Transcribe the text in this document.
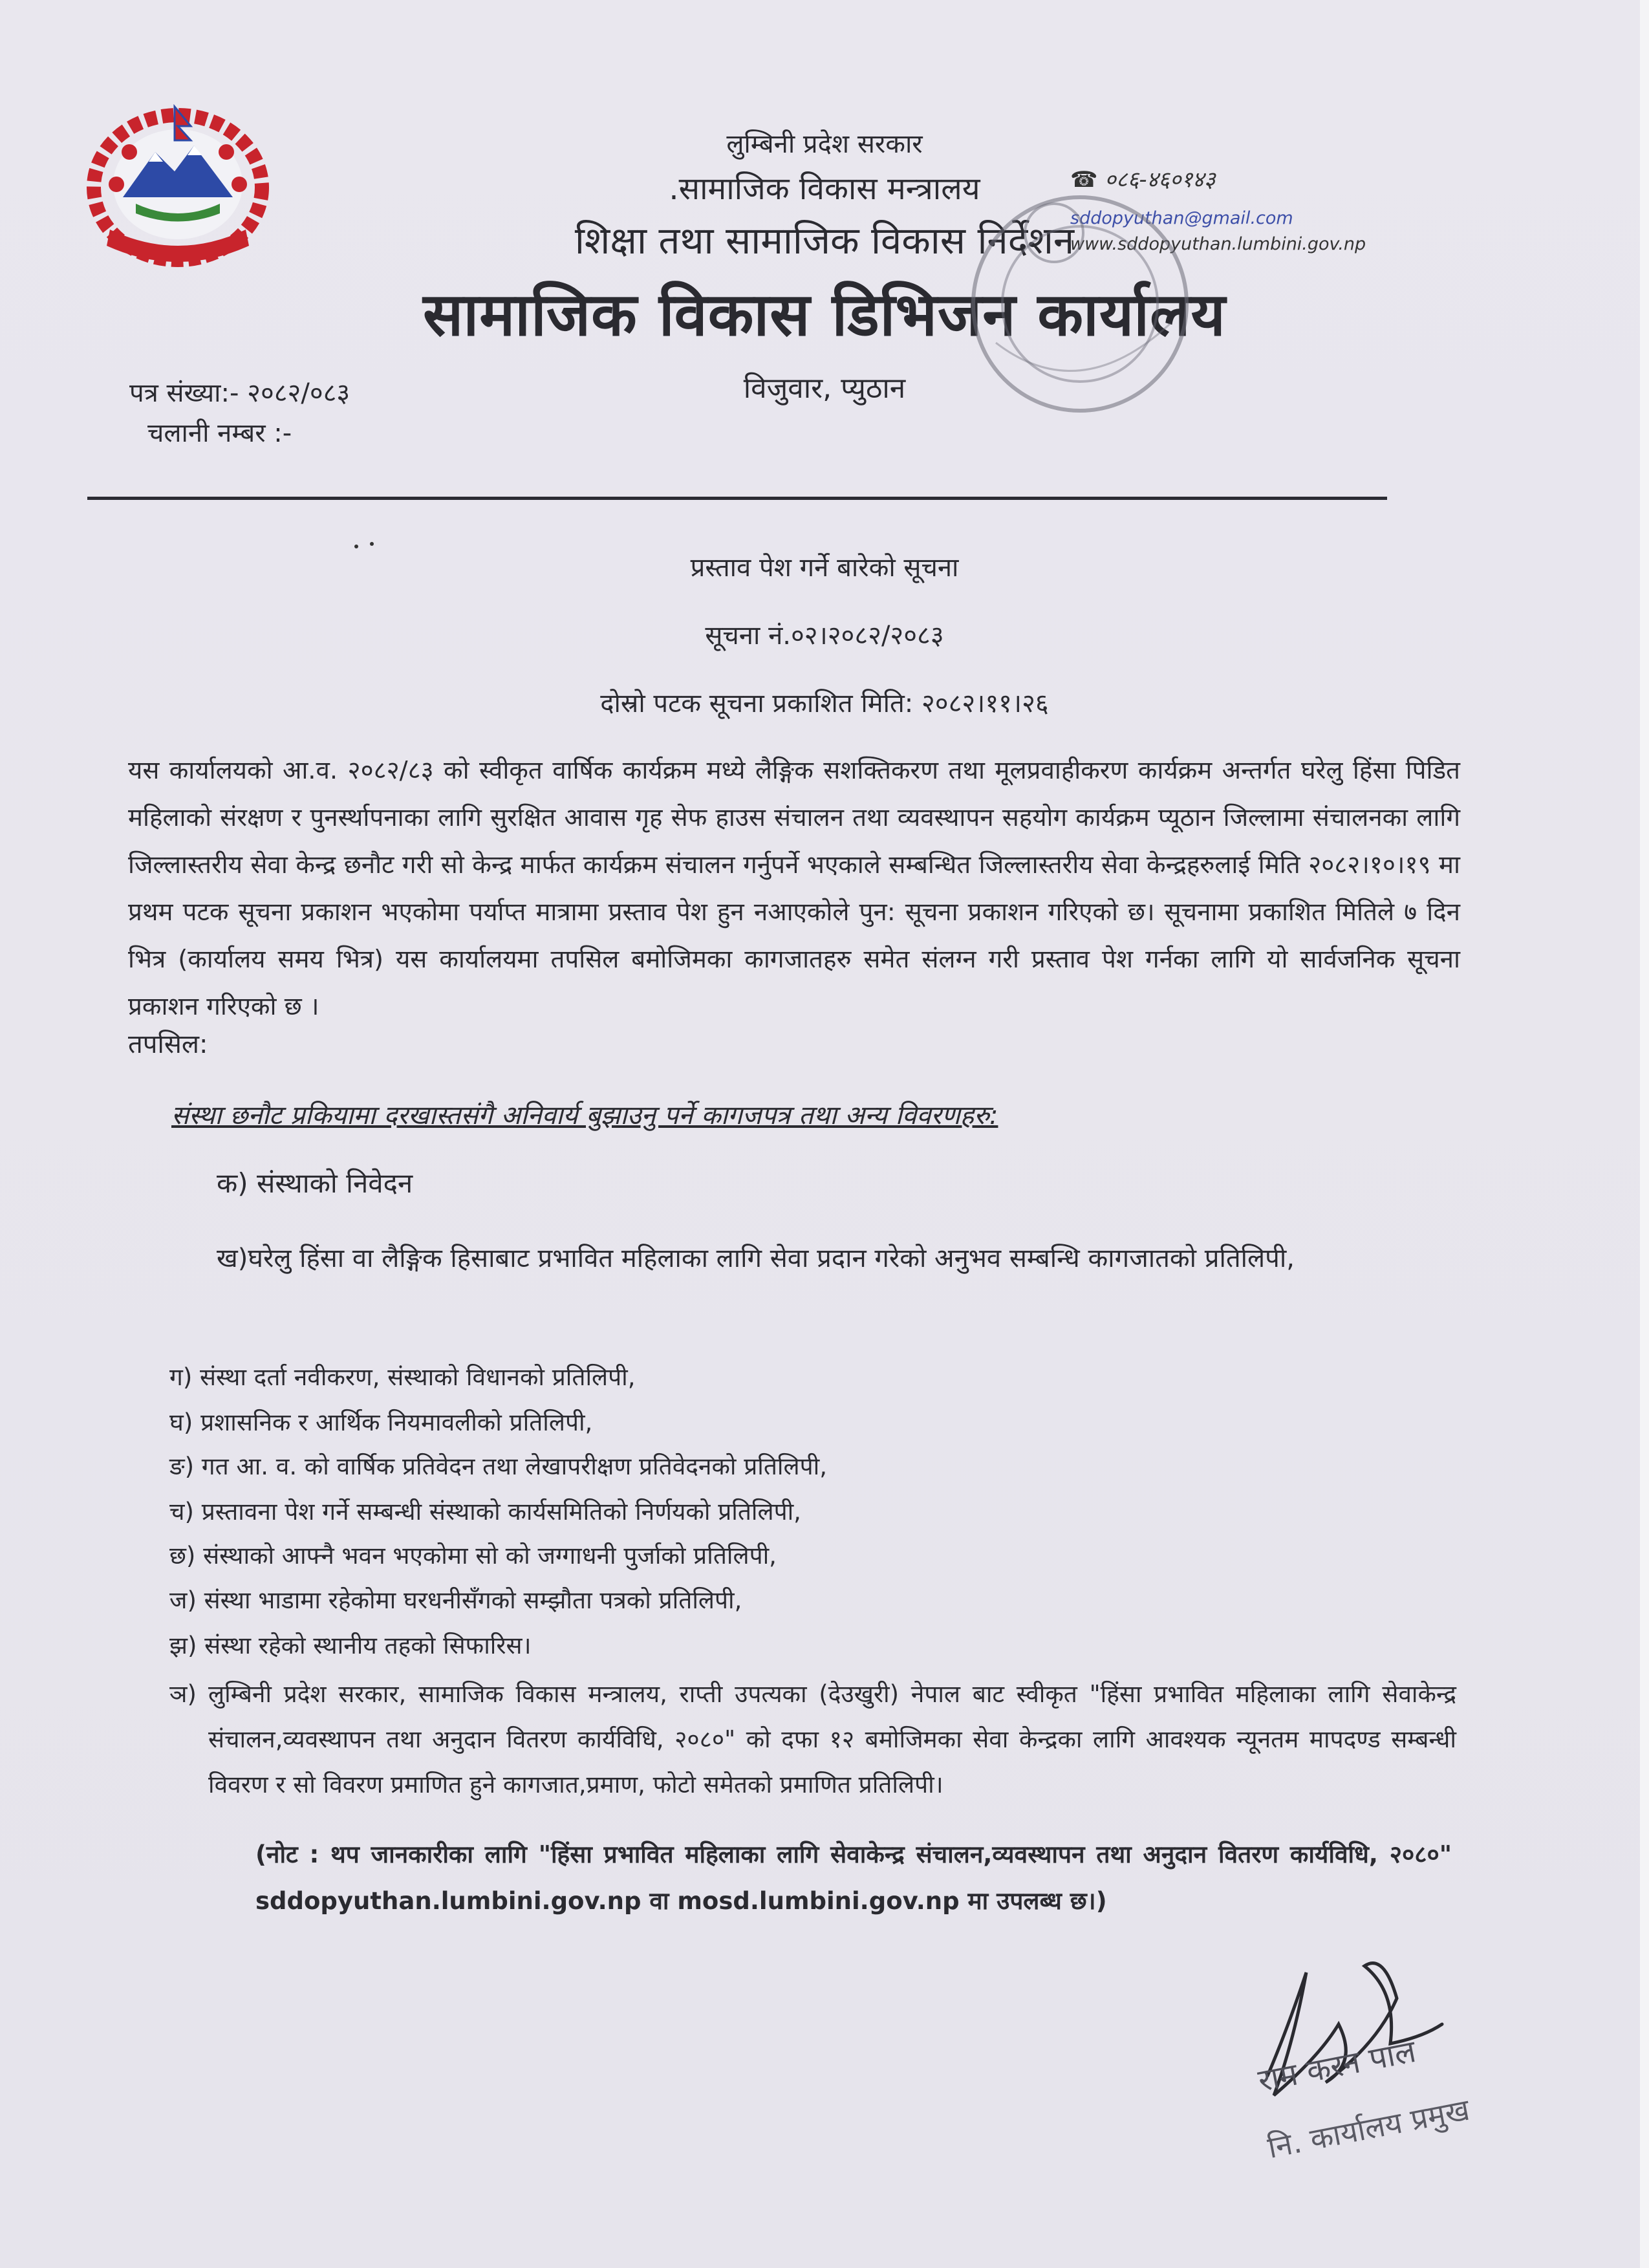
लुम्बिनी प्रदेश सरकार
.सामाजिक विकास मन्त्रालय
शिक्षा तथा सामाजिक विकास निर्देशन
सामाजिक विकास डिभिजन कार्यालय
विजुवार, प्युठान
☎ ०८६-४६०१४३
sddopyuthan@gmail.com
www.sddopyuthan.lumbini.gov.np
पत्र संख्या:- २०८२/०८३
चलानी नम्बर :-
प्रस्ताव पेश गर्ने बारेको सूचना
सूचना नं.०२।२०८२/२०८३
दोस्रो पटक सूचना प्रकाशित मिति: २०८२।११।२६
यस कार्यालयको आ.व. २०८२/८३ को स्वीकृत वार्षिक कार्यक्रम मध्ये लैङ्गिक सशक्तिकरण तथा मूलप्रवाहीकरण कार्यक्रम अन्तर्गत घरेलु हिंसा पिडित महिलाको संरक्षण र पुनर्स्थापनाका लागि सुरक्षित आवास गृह सेफ हाउस संचालन तथा व्यवस्थापन सहयोग कार्यक्रम प्यूठान जिल्लामा संचालनका लागि जिल्लास्तरीय सेवा केन्द्र छनौट गरी सो केन्द्र मार्फत कार्यक्रम संचालन गर्नुपर्ने भएकाले सम्बन्धित जिल्लास्तरीय सेवा केन्द्रहरुलाई मिति २०८२।१०।१९ मा प्रथम पटक सूचना प्रकाशन भएकोमा पर्याप्त मात्रामा प्रस्ताव पेश हुन नआएकोले पुन: सूचना प्रकाशन गरिएको छ। सूचनामा प्रकाशित मितिले ७ दिन भित्र (कार्यालय समय भित्र) यस कार्यालयमा तपसिल बमोजिमका कागजातहरु समेत संलग्न गरी प्रस्ताव पेश गर्नका लागि यो सार्वजनिक सूचना प्रकाशन गरिएको छ ।
तपसिल:
संस्था छनौट प्रकियामा दरखास्तसंगै अनिवार्य बुझाउनु पर्ने कागजपत्र तथा अन्य विवरणहरु:
क) संस्थाको निवेदन
ख)घरेलु हिंसा वा लैङ्गिक हिसाबाट प्रभावित महिलाका लागि सेवा प्रदान गरेको अनुभव सम्बन्धि कागजातको प्रतिलिपी,
ग) संस्था दर्ता नवीकरण, संस्थाको विधानको प्रतिलिपी,
घ) प्रशासनिक र आर्थिक नियमावलीको प्रतिलिपी,
ङ) गत आ. व. को वार्षिक प्रतिवेदन तथा लेखापरीक्षण प्रतिवेदनको प्रतिलिपी,
च) प्रस्तावना पेश गर्ने सम्बन्धी संस्थाको कार्यसमितिको निर्णयको प्रतिलिपी,
छ) संस्थाको आफ्नै भवन भएकोमा सो को जग्गाधनी पुर्जाको प्रतिलिपी,
ज) संस्था भाडामा रहेकोमा घरधनीसँगको सम्झौता पत्रको प्रतिलिपी,
झ) संस्था रहेको स्थानीय तहको सिफारिस।
ञ) लुम्बिनी प्रदेश सरकार, सामाजिक विकास मन्त्रालय, राप्ती उपत्यका (देउखुरी) नेपाल बाट स्वीकृत "हिंसा प्रभावित महिलाका लागि सेवाकेन्द्र संचालन,व्यवस्थापन तथा अनुदान वितरण कार्यविधि, २०८०" को दफा १२ बमोजिमका सेवा केन्द्रका लागि आवश्यक न्यूनतम मापदण्ड सम्बन्धी विवरण र सो विवरण प्रमाणित हुने कागजात,प्रमाण, फोटो समेतको प्रमाणित प्रतिलिपी।
(नोट : थप जानकारीका लागि "हिंसा प्रभावित महिलाका लागि सेवाकेन्द्र संचालन,व्यवस्थापन तथा अनुदान वितरण कार्यविधि, २०८०" sddopyuthan.lumbini.gov.np वा mosd.lumbini.gov.np मा उपलब्ध छ।)
राम करन पाल
नि. कार्यालय प्रमुख
